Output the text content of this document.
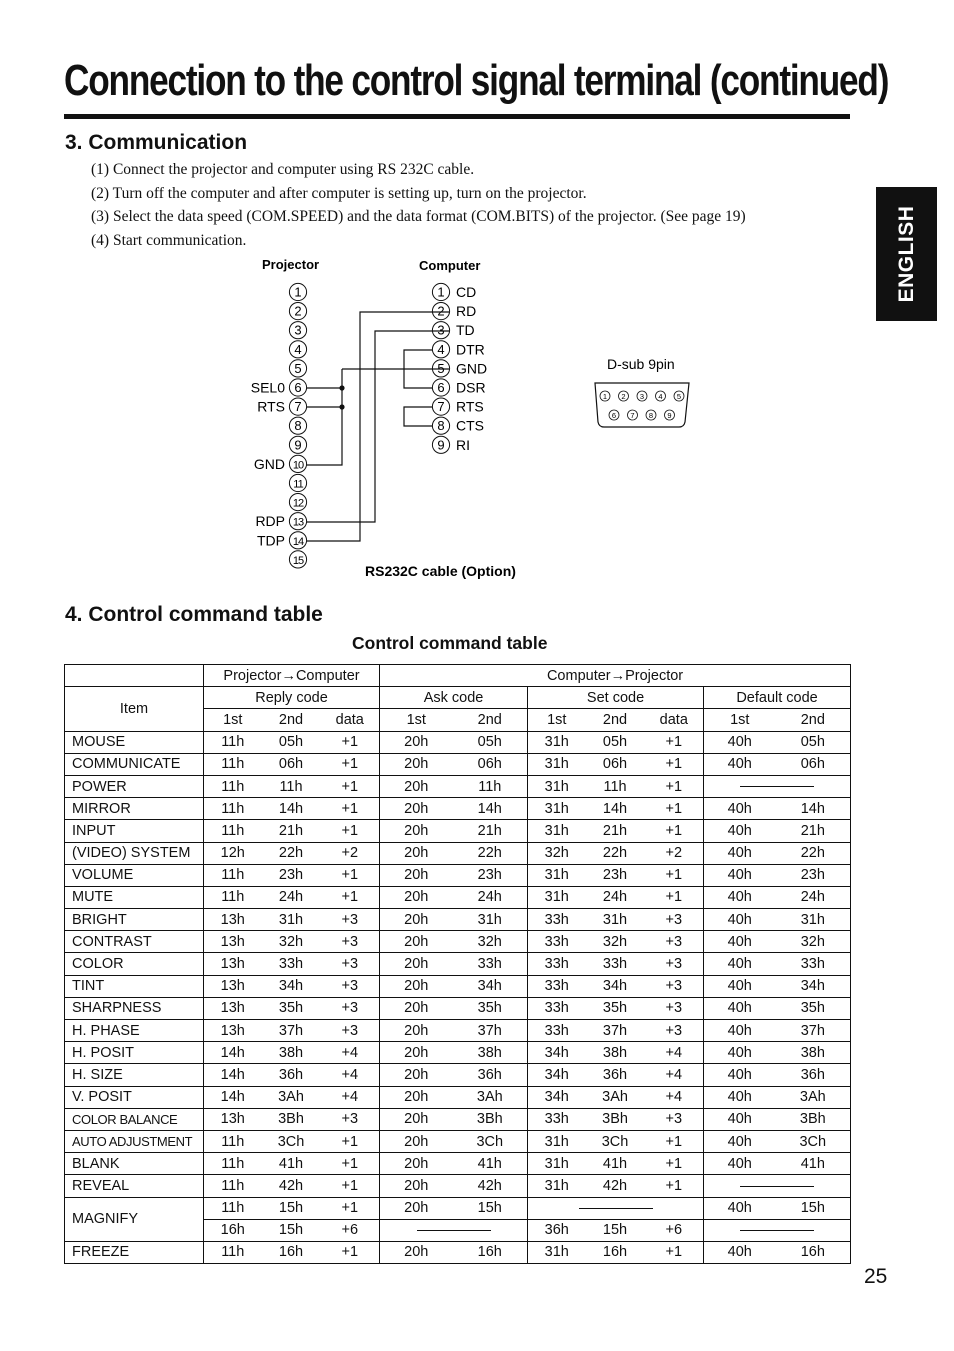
Connection to the control signal terminal (continued)
ENGLISH
3. Communication
(1) Connect the projector and computer using RS 232C cable.
(2) Turn off the computer and after computer is setting up, turn on the projector.
(3) Select the data speed (COM.SPEED) and the data format (COM.BITS) of the projector. (See page 19)
(4) Start communication.
Projector	Computer
1
2
3
4
5
6
SEL0
7
RTS
8
9
10
GND
11
12
13
RDP
14
TDP
15
1 CD
2 RD
3 TD
4 DTR
5 GND
6 DSR
7 RTS
8 CTS
9 RI
D-sub 9pin
1 2 3 4 5
6 7 8 9
RS232C cable (Option)
4. Control command table
Control command table
	Projector→Computer			Computer→Projector						
Item	Reply code			Ask code		Set code			Default code	
	1st	2nd	data	1st	2nd	1st	2nd	data	1st	2nd
MOUSE	11h	05h	+1	20h	05h	31h	05h	+1	40h	05h
COMMUNICATE	11h	06h	+1	20h	06h	31h	06h	+1	40h	06h
POWER	11h	11h	+1	20h	11h	31h	11h	+1		
MIRROR	11h	14h	+1	20h	14h	31h	14h	+1	40h	14h
INPUT	11h	21h	+1	20h	21h	31h	21h	+1	40h	21h
(VIDEO) SYSTEM	12h	22h	+2	20h	22h	32h	22h	+2	40h	22h
VOLUME	11h	23h	+1	20h	23h	31h	23h	+1	40h	23h
MUTE	11h	24h	+1	20h	24h	31h	24h	+1	40h	24h
BRIGHT	13h	31h	+3	20h	31h	33h	31h	+3	40h	31h
CONTRAST	13h	32h	+3	20h	32h	33h	32h	+3	40h	32h
COLOR	13h	33h	+3	20h	33h	33h	33h	+3	40h	33h
TINT	13h	34h	+3	20h	34h	33h	34h	+3	40h	34h
SHARPNESS	13h	35h	+3	20h	35h	33h	35h	+3	40h	35h
H. PHASE	13h	37h	+3	20h	37h	33h	37h	+3	40h	37h
H. POSIT	14h	38h	+4	20h	38h	34h	38h	+4	40h	38h
H. SIZE	14h	36h	+4	20h	36h	34h	36h	+4	40h	36h
V. POSIT	14h	3Ah	+4	20h	3Ah	34h	3Ah	+4	40h	3Ah
COLOR BALANCE	13h	3Bh	+3	20h	3Bh	33h	3Bh	+3	40h	3Bh
AUTO ADJUSTMENT	11h	3Ch	+1	20h	3Ch	31h	3Ch	+1	40h	3Ch
BLANK	11h	41h	+1	20h	41h	31h	41h	+1	40h	41h
REVEAL	11h	42h	+1	20h	42h	31h	42h	+1		
MAGNIFY	11h	15h	+1	20h	15h				40h	15h
	16h	15h	+6			36h	15h	+6		
FREEZE	11h	16h	+1	20h	16h	31h	16h	+1	40h	16h
25
